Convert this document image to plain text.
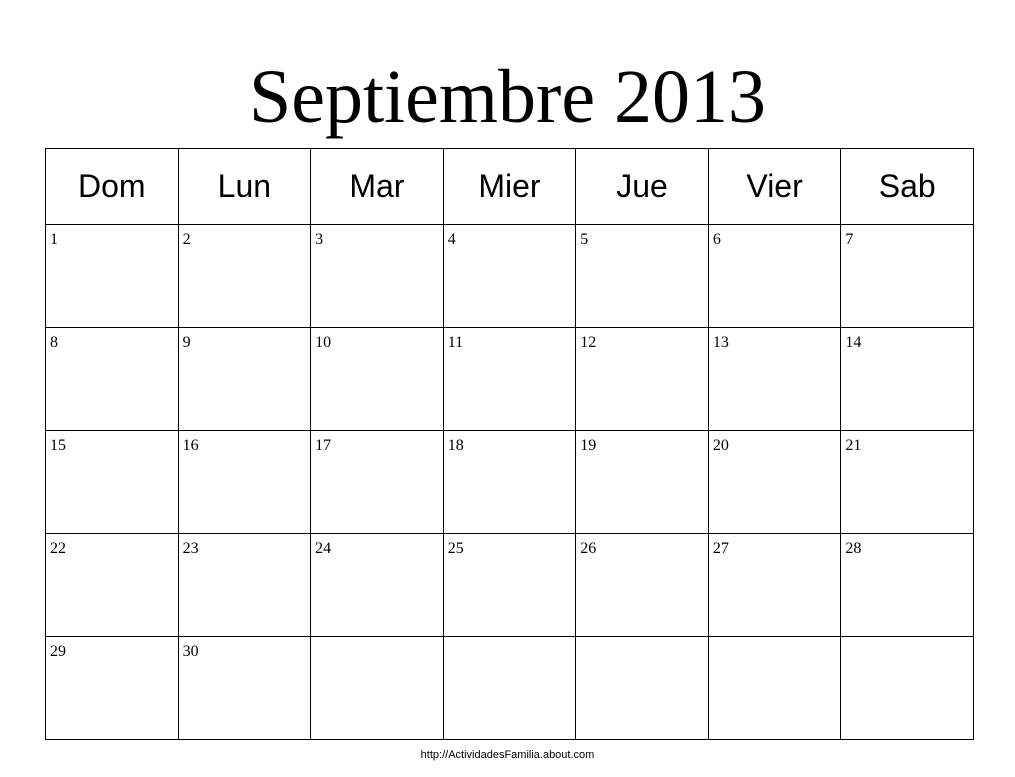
Septiembre 2013
Dom	Lun	Mar	Mier	Jue	Vier	Sab

1	2	3	4	5	6	7

8	9	10	11	12	13	14

15	16	17	18	19	20	21

22	23	24	25	26	27	28

29	30					

http://ActividadesFamilia.about.com
